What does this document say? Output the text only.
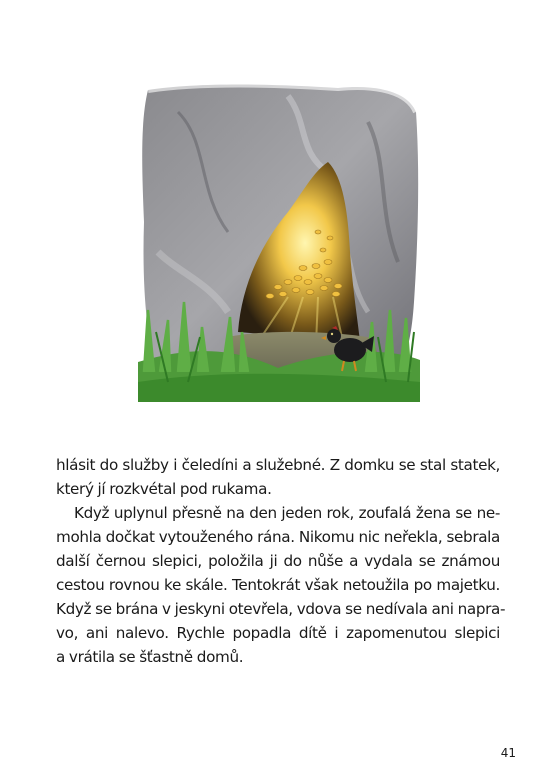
hlásit do služby i čeledíni a služebné. Z domku se stal statek,
který jí rozkvétal pod rukama.
Když uplynul přesně na den jeden rok, zoufalá žena se ne-
mohla dočkat vytouženého rána. Nikomu nic neřekla, sebrala
další černou slepici, položila ji do nůše a vydala se známou
cestou rovnou ke skále. Tentokrát však netoužila po majetku.
Když se brána v jeskyni otevřela, vdova se nedívala ani napra-
vo, ani nalevo. Rychle popadla dítě i zapomenutou slepici
a vrátila se šťastně domů.
41
